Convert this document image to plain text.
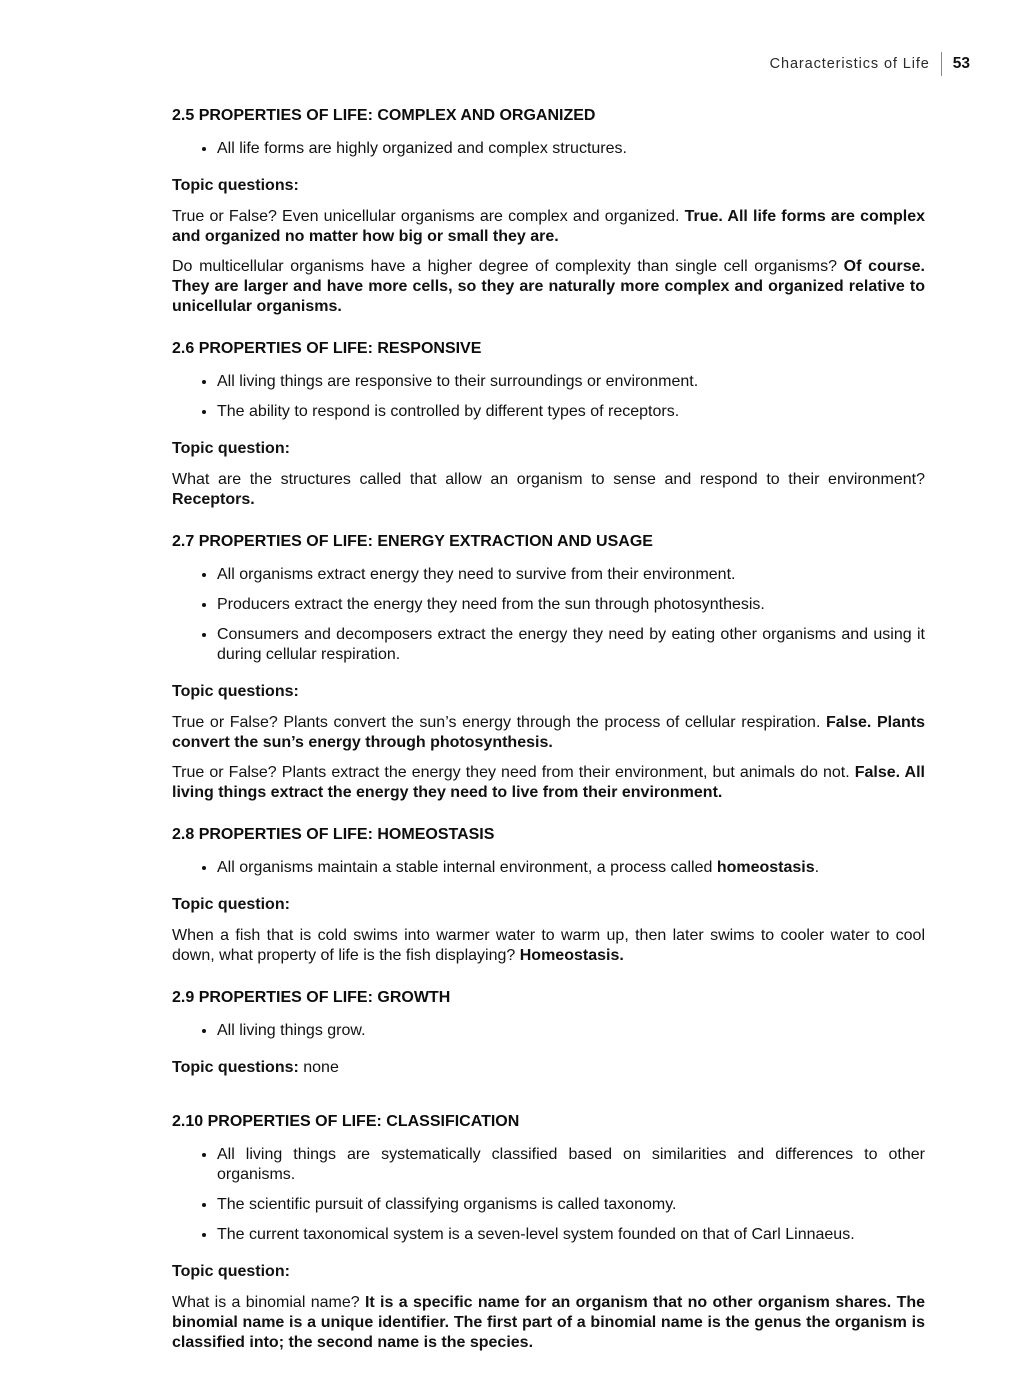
Characteristics of Life 53
2.5 PROPERTIES OF LIFE: COMPLEX AND ORGANIZED
• All life forms are highly organized and complex structures.

Topic questions:

True or False? Even unicellular organisms are complex and organized. True. All life forms are complex and organized no matter how big or small they are.

Do multicellular organisms have a higher degree of complexity than single cell organisms? Of course. They are larger and have more cells, so they are naturally more complex and organized relative to unicellular organisms.

2.6 PROPERTIES OF LIFE: RESPONSIVE
• All living things are responsive to their surroundings or environment.
• The ability to respond is controlled by different types of receptors.

Topic question:

What are the structures called that allow an organism to sense and respond to their environment? Receptors.

2.7 PROPERTIES OF LIFE: ENERGY EXTRACTION AND USAGE
• All organisms extract energy they need to survive from their environment.
• Producers extract the energy they need from the sun through photosynthesis.
• Consumers and decomposers extract the energy they need by eating other organisms and using it during cellular respiration.

Topic questions:

True or False? Plants convert the sun’s energy through the process of cellular respiration. False. Plants convert the sun’s energy through photosynthesis.

True or False? Plants extract the energy they need from their environment, but animals do not. False. All living things extract the energy they need to live from their environment.

2.8 PROPERTIES OF LIFE: HOMEOSTASIS
• All organisms maintain a stable internal environment, a process called homeostasis.

Topic question:

When a fish that is cold swims into warmer water to warm up, then later swims to cooler water to cool down, what property of life is the fish displaying? Homeostasis.

2.9 PROPERTIES OF LIFE: GROWTH
• All living things grow.

Topic questions: none

2.10 PROPERTIES OF LIFE: CLASSIFICATION
• All living things are systematically classified based on similarities and differences to other organisms.
• The scientific pursuit of classifying organisms is called taxonomy.
• The current taxonomical system is a seven-level system founded on that of Carl Linnaeus.

Topic question:

What is a binomial name? It is a specific name for an organism that no other organism shares. The binomial name is a unique identifier. The first part of a binomial name is the genus the organism is classified into; the second name is the species.
